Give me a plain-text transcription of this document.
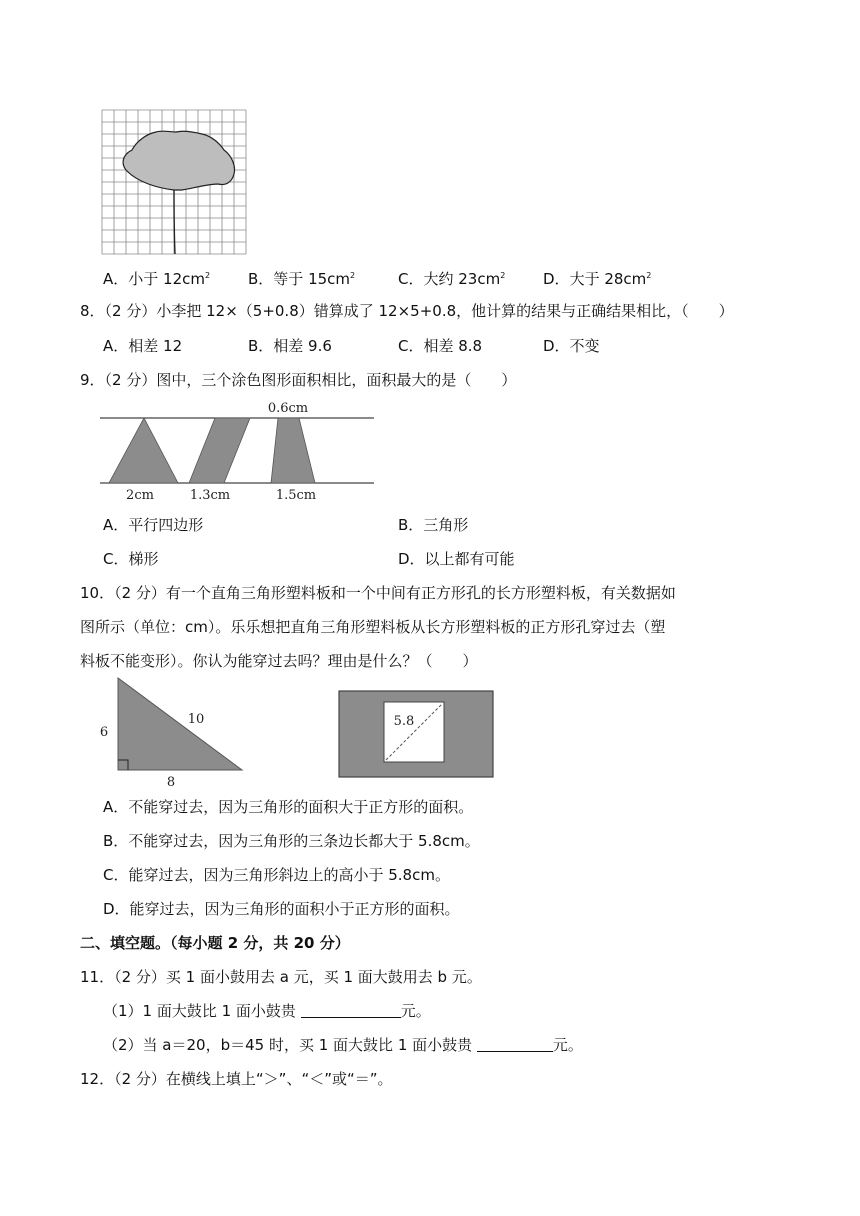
A．小于 $12cm^2$	B．等于 $15cm^2$	C．大约 $23cm^2$	D．大于 $28cm^2$
8．（2 分）小李把 12×（5+0.8）错算成了 12×5+0.8，他计算的结果与正确结果相比，（　　）
A．相差 12	B．相差 9.6	C．相差 8.8	D．不变
9．（2 分）图中，三个涂色图形面积相比，面积最大的是（　　）
0.6cm
2cm	1.3cm	1.5cm
A．平行四边形	B．三角形
C．梯形	D．以上都有可能
10．（2 分）有一个直角三角形塑料板和一个中间有正方形孔的长方形塑料板，有关数据如
图所示（单位：cm）。乐乐想把直角三角形塑料板从长方形塑料板的正方形孔穿过去（塑
料板不能变形）。你认为能穿过去吗？理由是什么？（　　）
6
10
8
5.8
A．不能穿过去，因为三角形的面积大于正方形的面积。
B．不能穿过去，因为三角形的三条边长都大于 5.8cm。
C．能穿过去，因为三角形斜边上的高小于 5.8cm。
D．能穿过去，因为三角形的面积小于正方形的面积。
二、填空题。（每小题 2 分，共 20 分）
11．（2 分）买 1 面小鼓用去 a 元，买 1 面大鼓用去 b 元。
（1）1 面大鼓比 1 面小鼓贵	元。
（2）当 a＝20，b＝45 时，买 1 面大鼓比 1 面小鼓贵	元。
12．（2 分）在横线上填上“＞”、“＜”或“＝”。
